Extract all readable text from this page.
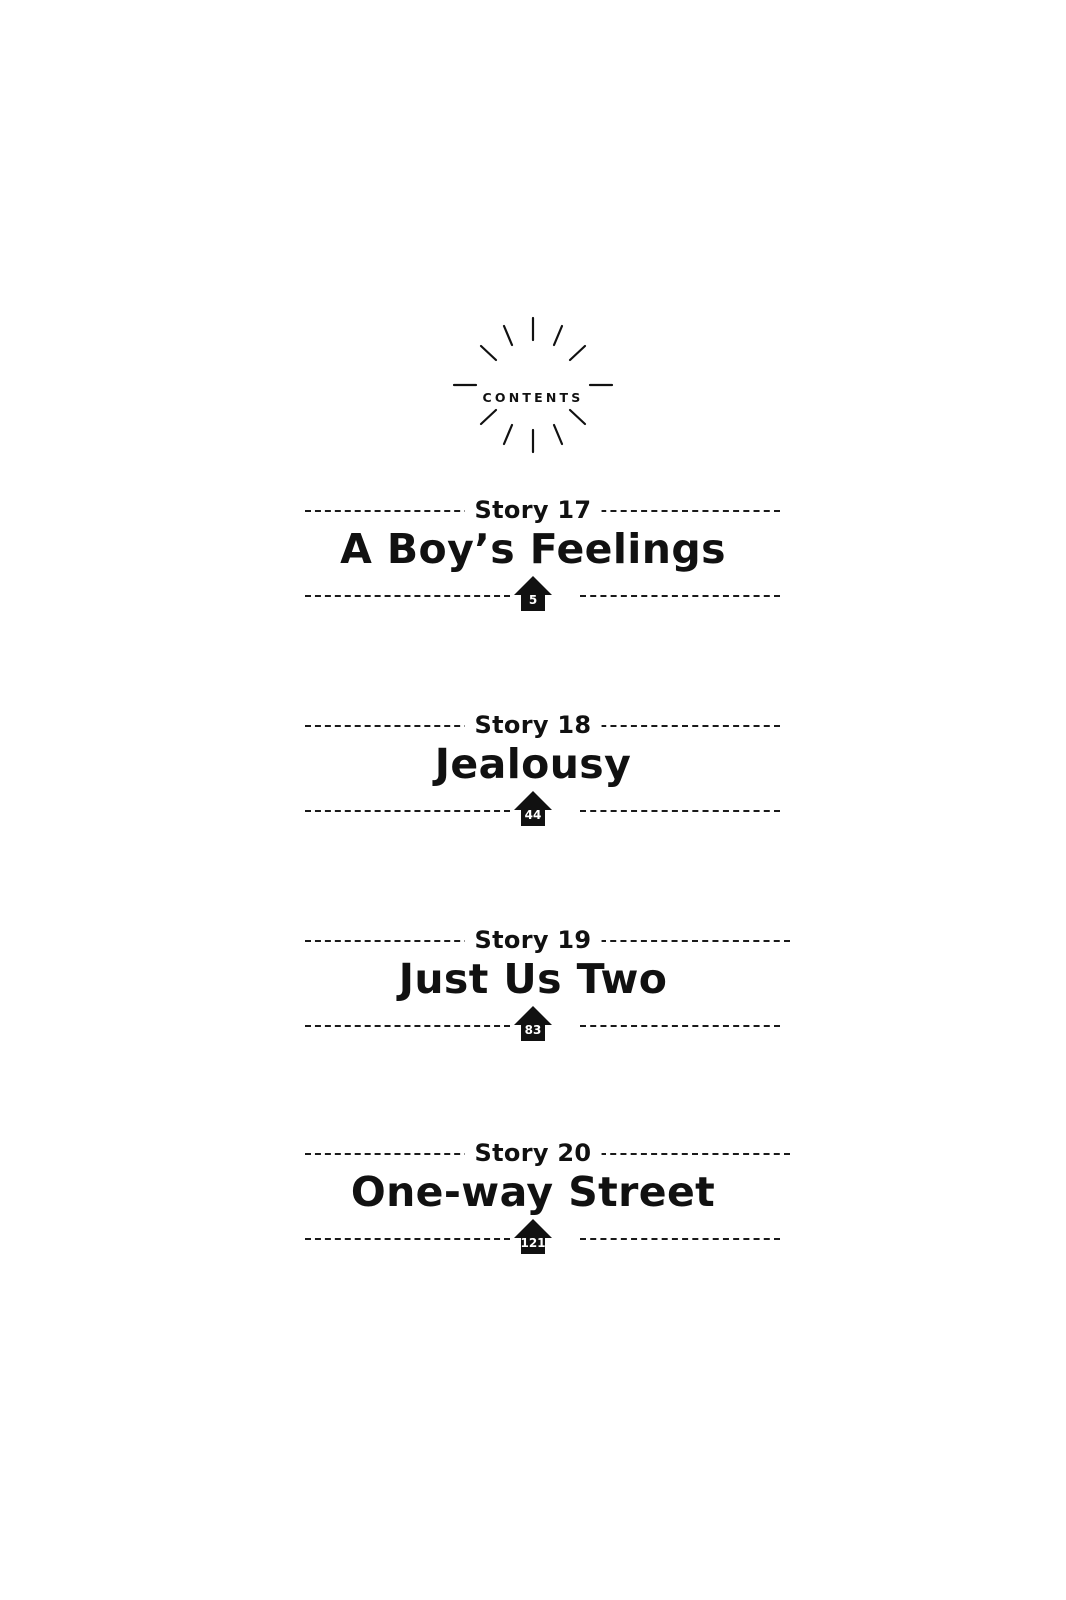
CONTENTS
Story 17
A Boy’s Feelings
5
Story 18
Jealousy
44
Story 19
Just Us Two
83
Story 20
One-way Street
121
